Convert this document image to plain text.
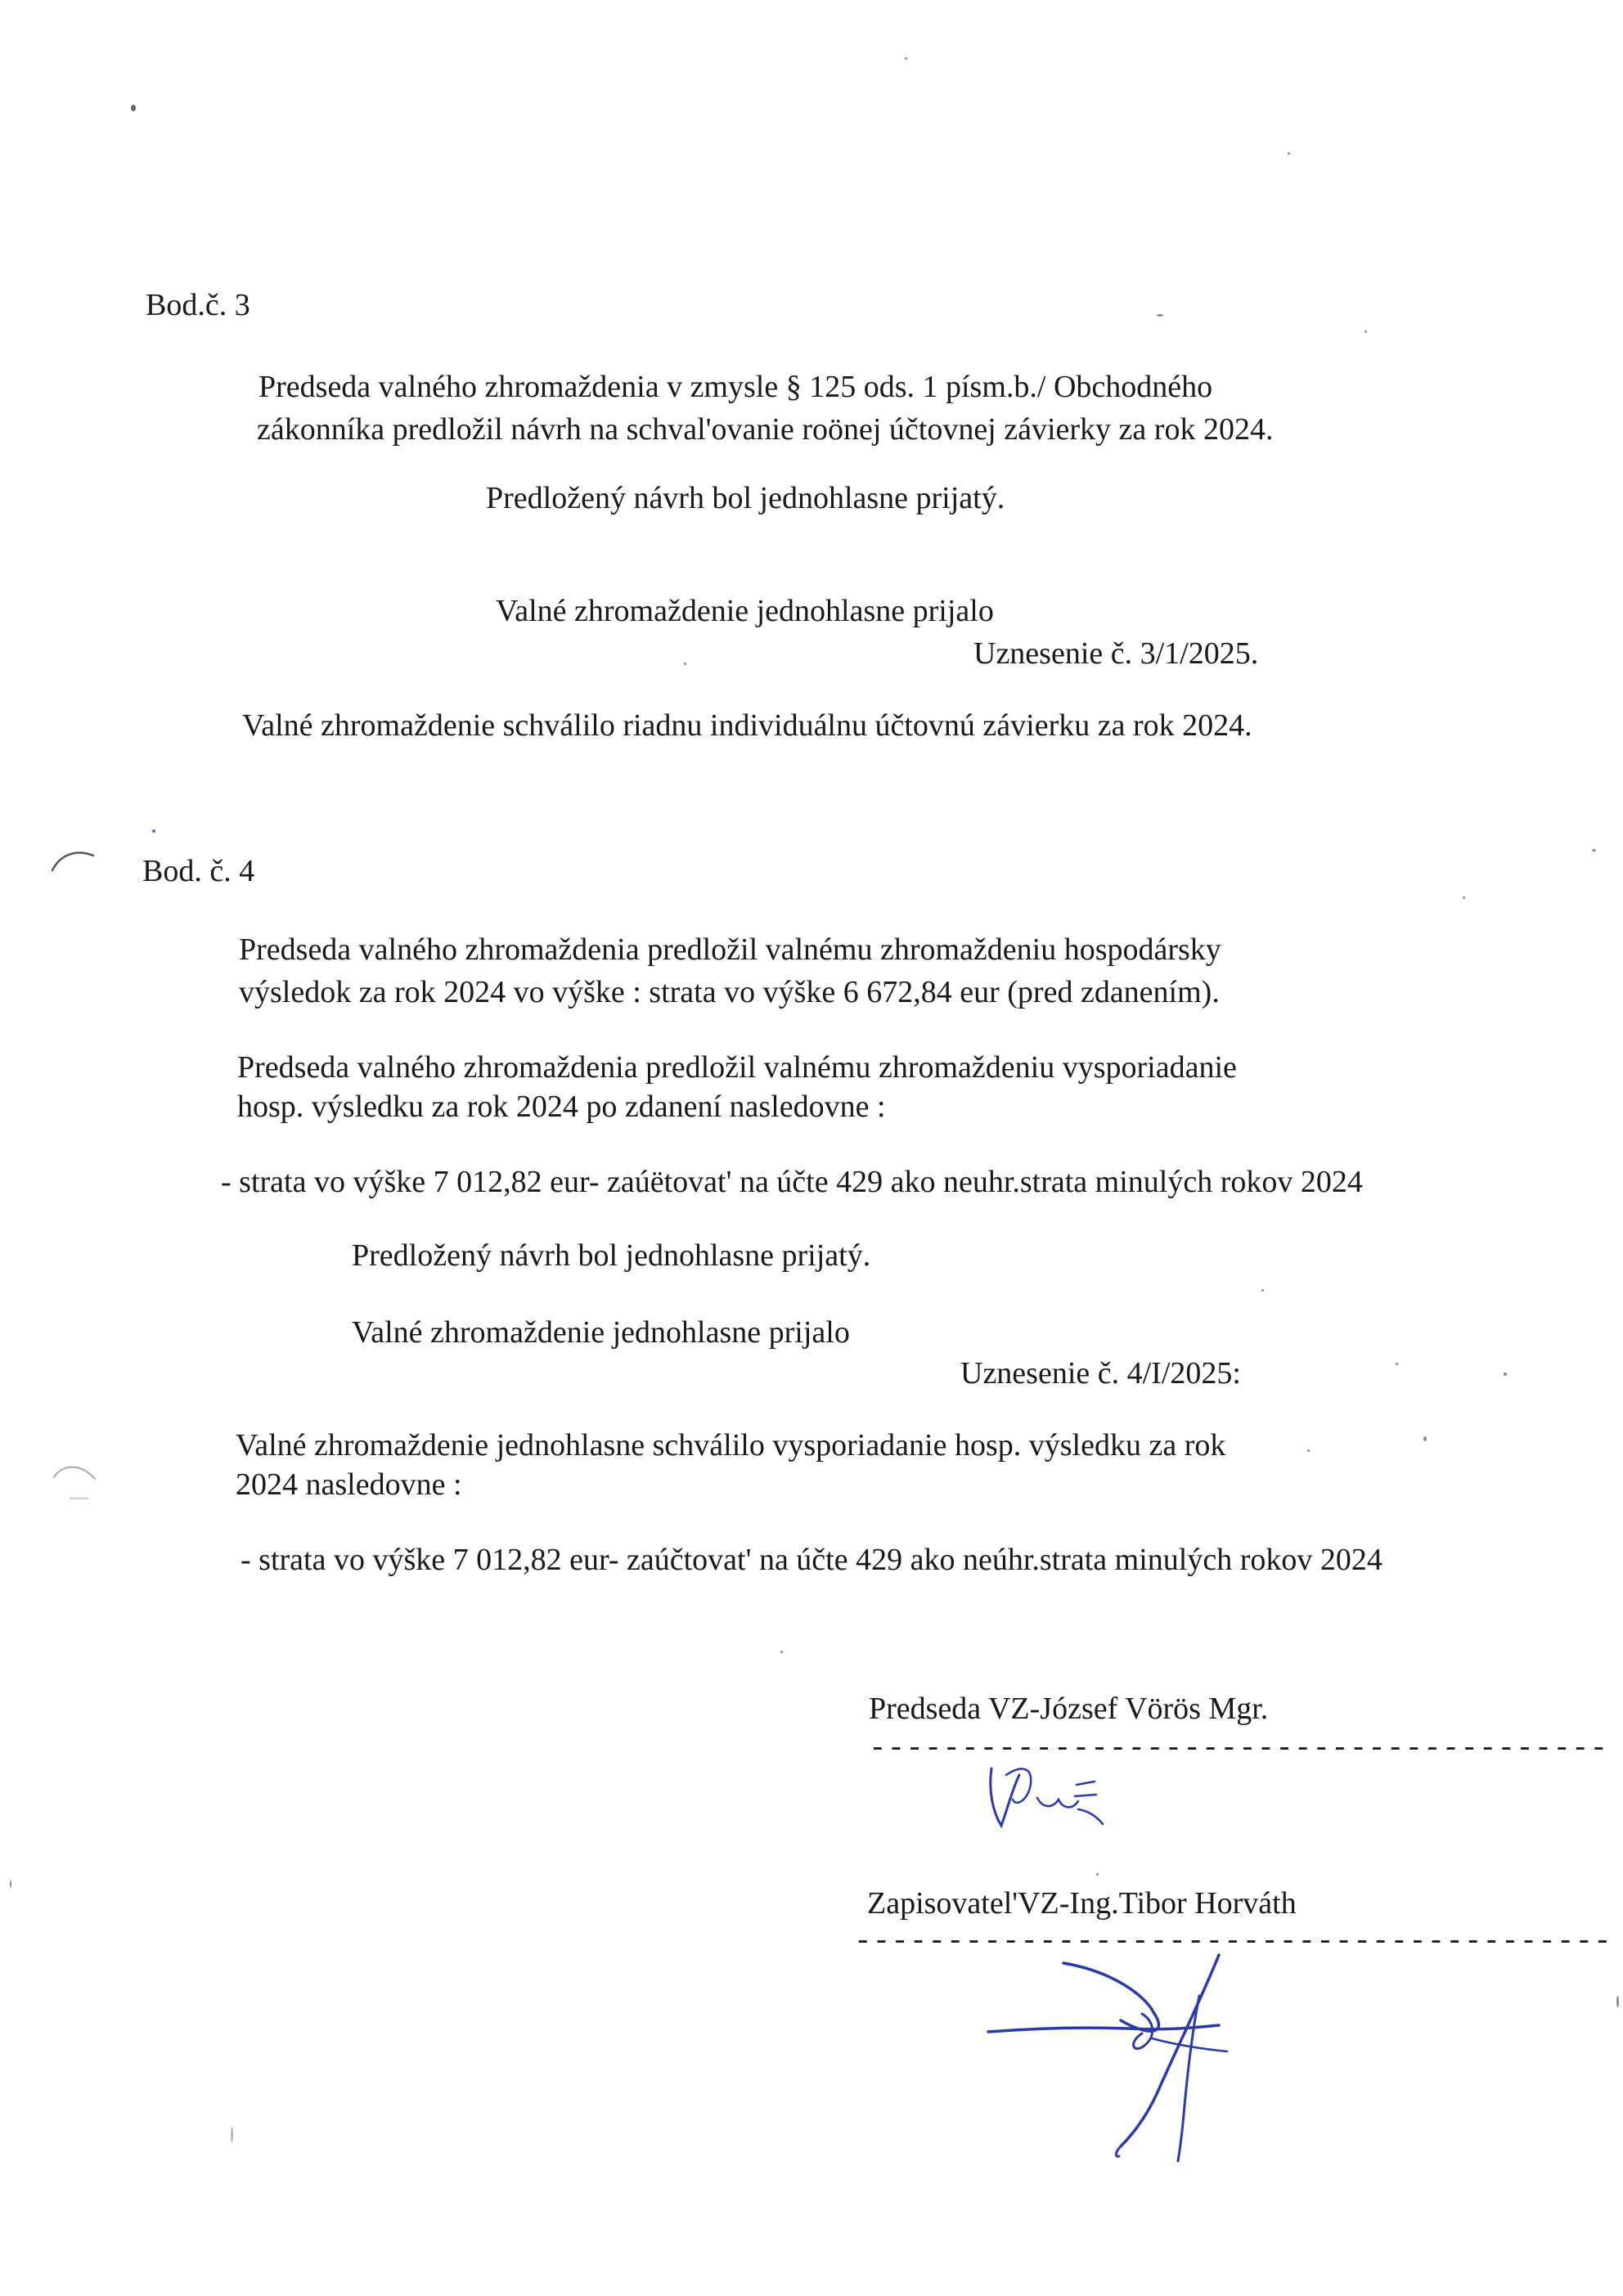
Bod.č. 3

Predseda valného zhromaždenia v zmysle § 125 ods. 1 písm.b./ Obchodného

zákonníka predložil návrh na schval'ovanie roönej účtovnej závierky za rok 2024.

Predložený návrh bol jednohlasne prijatý.

Valné zhromaždenie jednohlasne prijalo

Uznesenie č. 3/1/2025.

Valné zhromaždenie schválilo riadnu individuálnu účtovnú závierku za rok 2024.

Bod. č. 4

Predseda valného zhromaždenia predložil valnému zhromaždeniu hospodársky

výsledok za rok 2024 vo výške : strata vo výške 6 672,84 eur (pred zdanením).

Predseda valného zhromaždenia predložil valnému zhromaždeniu vysporiadanie

hosp. výsledku za rok 2024 po zdanení nasledovne :

- strata vo výške 7 012,82 eur- zaúëtovat' na účte 429 ako neuhr.strata minulých rokov 2024

Predložený návrh bol jednohlasne prijatý.

Valné zhromaždenie jednohlasne prijalo

Uznesenie č. 4/I/2025:

Valné zhromaždenie jednohlasne schválilo vysporiadanie hosp. výsledku za rok

2024 nasledovne :

- strata vo výške 7 012,82 eur- zaúčtovat' na účte 429 ako neúhr.strata minulých rokov 2024

Predseda VZ-József Vörös Mgr.

----------------------------------------

Zapisovatel'VZ-Ing.Tibor Horváth

-----------------------------------------
